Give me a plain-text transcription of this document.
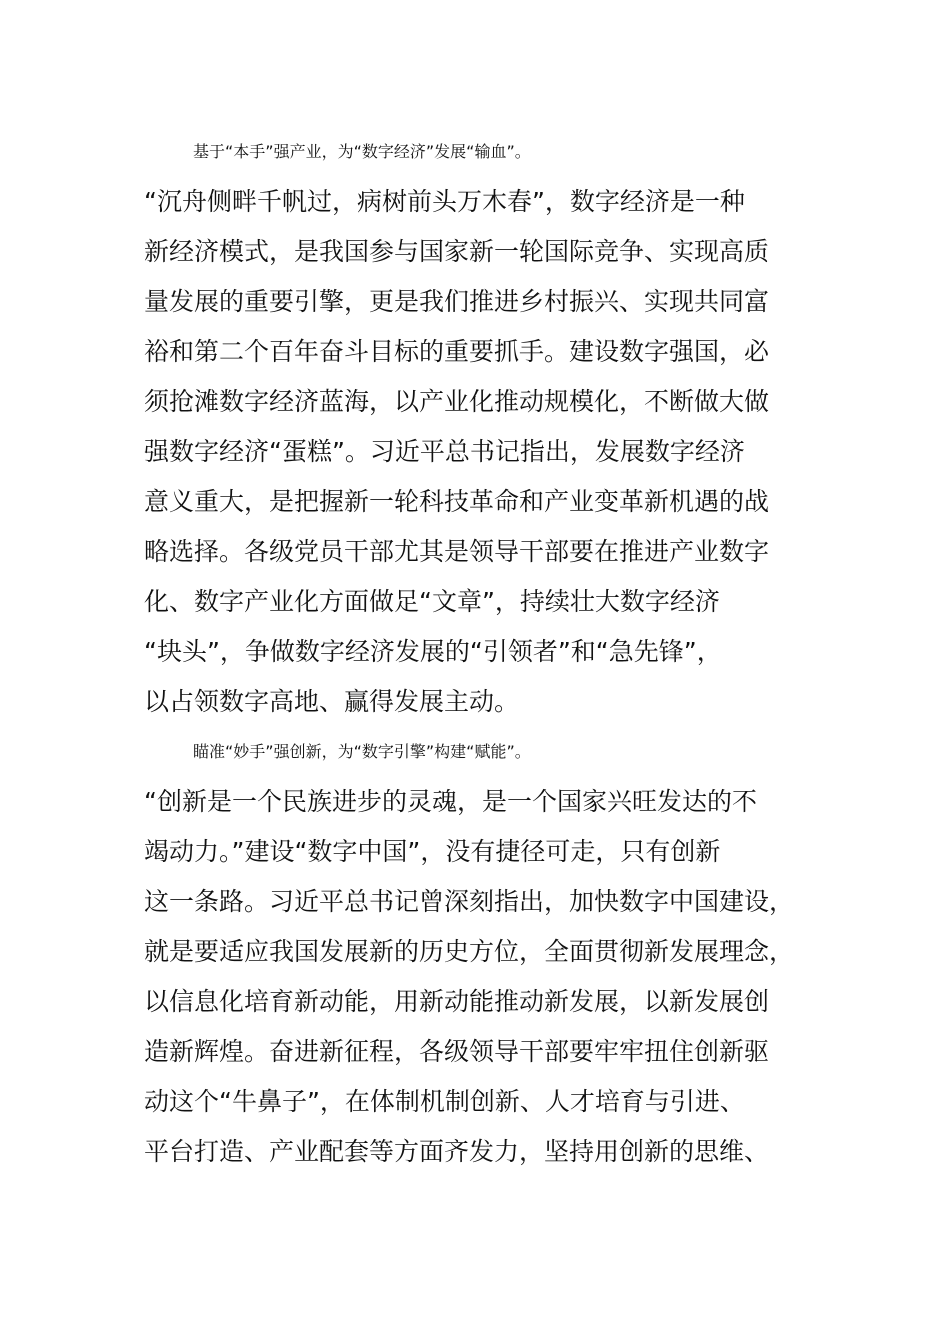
基于“本手”强产业，为“数字经济”发展“输血”。
“沉舟侧畔千帆过，病树前头万木春”，数字经济是一种
新经济模式，是我国参与国家新一轮国际竞争、实现高质
量发展的重要引擎，更是我们推进乡村振兴、实现共同富
裕和第二个百年奋斗目标的重要抓手。建设数字强国，必
须抢滩数字经济蓝海，以产业化推动规模化，不断做大做
强数字经济“蛋糕”。习近平总书记指出，发展数字经济
意义重大，是把握新一轮科技革命和产业变革新机遇的战
略选择。各级党员干部尤其是领导干部要在推进产业数字
化、数字产业化方面做足“文章”，持续壮大数字经济
“块头”，争做数字经济发展的“引领者”和“急先锋”，
以占领数字高地、赢得发展主动。
瞄准“妙手”强创新，为“数字引擎”构建“赋能”。
“创新是一个民族进步的灵魂，是一个国家兴旺发达的不
竭动力。”建设“数字中国”，没有捷径可走，只有创新
这一条路。习近平总书记曾深刻指出，加快数字中国建设，
就是要适应我国发展新的历史方位，全面贯彻新发展理念，
以信息化培育新动能，用新动能推动新发展，以新发展创
造新辉煌。奋进新征程，各级领导干部要牢牢扭住创新驱
动这个“牛鼻子”，在体制机制创新、人才培育与引进、
平台打造、产业配套等方面齐发力，坚持用创新的思维、
